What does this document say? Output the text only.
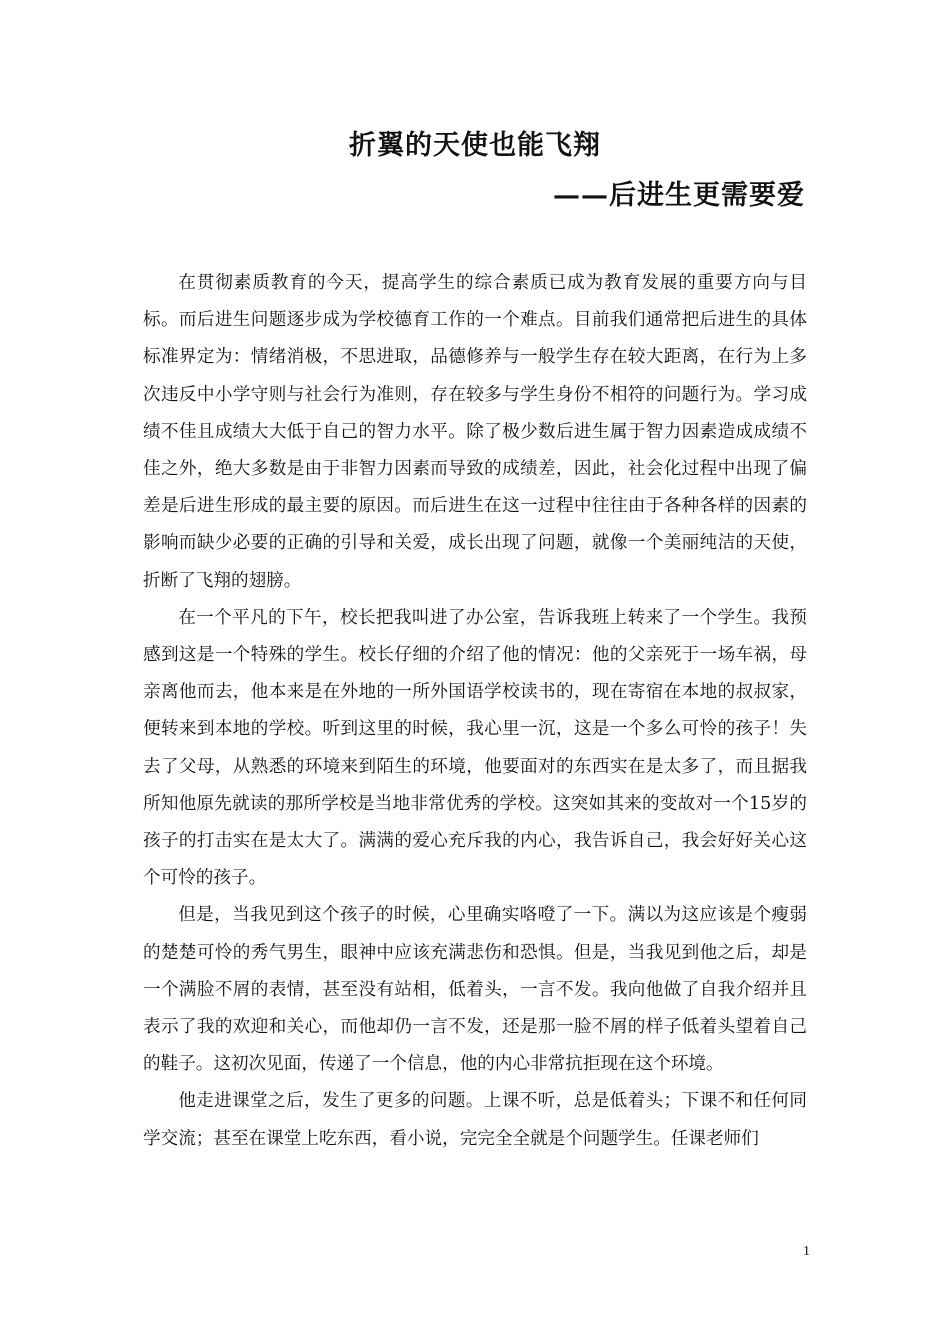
折翼的天使也能飞翔
——后进生更需要爱

在贯彻素质教育的今天，提高学生的综合素质已成为教育发展的重要方向与目标。而后进生问题逐步成为学校德育工作的一个难点。目前我们通常把后进生的具体标准界定为：情绪消极，不思进取，品德修养与一般学生存在较大距离，在行为上多次违反中小学守则与社会行为准则，存在较多与学生身份不相符的问题行为。学习成绩不佳且成绩大大低于自己的智力水平。除了极少数后进生属于智力因素造成成绩不佳之外，绝大多数是由于非智力因素而导致的成绩差，因此，社会化过程中出现了偏差是后进生形成的最主要的原因。而后进生在这一过程中往往由于各种各样的因素的影响而缺少必要的正确的引导和关爱，成长出现了问题，就像一个美丽纯洁的天使，折断了飞翔的翅膀。

在一个平凡的下午，校长把我叫进了办公室，告诉我班上转来了一个学生。我预感到这是一个特殊的学生。校长仔细的介绍了他的情况：他的父亲死于一场车祸，母亲离他而去，他本来是在外地的一所外国语学校读书的，现在寄宿在本地的叔叔家，便转来到本地的学校。听到这里的时候，我心里一沉，这是一个多么可怜的孩子！失去了父母，从熟悉的环境来到陌生的环境，他要面对的东西实在是太多了，而且据我所知他原先就读的那所学校是当地非常优秀的学校。这突如其来的变故对一个15岁的孩子的打击实在是太大了。满满的爱心充斥我的内心，我告诉自己，我会好好关心这个可怜的孩子。

但是，当我见到这个孩子的时候，心里确实咯噔了一下。满以为这应该是个瘦弱的楚楚可怜的秀气男生，眼神中应该充满悲伤和恐惧。但是，当我见到他之后，却是一个满脸不屑的表情，甚至没有站相，低着头，一言不发。我向他做了自我介绍并且表示了我的欢迎和关心，而他却仍一言不发，还是那一脸不屑的样子低着头望着自己的鞋子。这初次见面，传递了一个信息，他的内心非常抗拒现在这个环境。

他走进课堂之后，发生了更多的问题。上课不听，总是低着头；下课不和任何同学交流；甚至在课堂上吃东西，看小说，完完全全就是个问题学生。任课老师们

1
